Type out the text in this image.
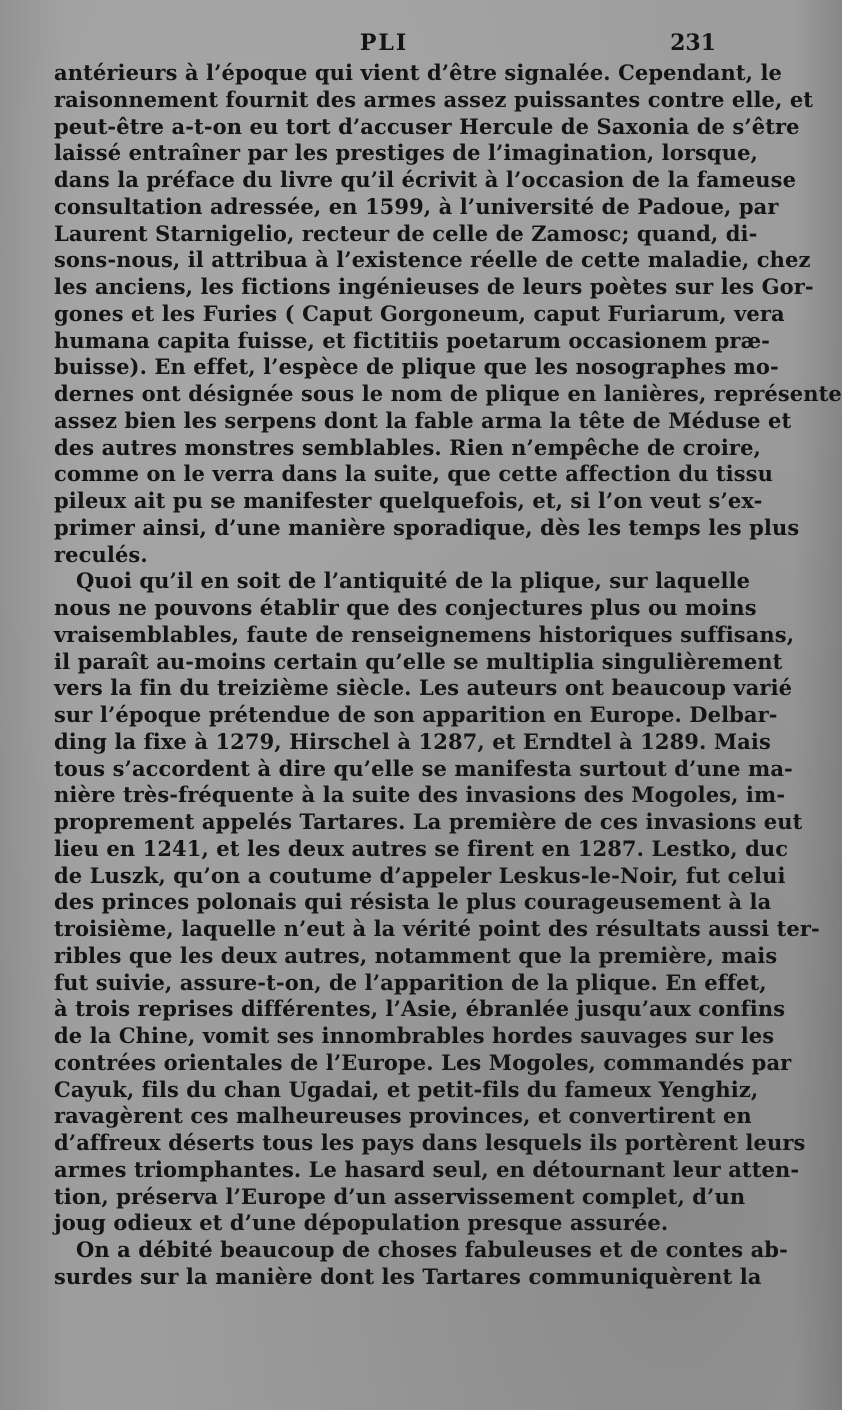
PLI	231
antérieurs à l’époque qui vient d’être signalée. Cependant, le
raisonnement fournit des armes assez puissantes contre elle, et
peut-être a-t-on eu tort d’accuser Hercule de Saxonia de s’être
laissé entraîner par les prestiges de l’imagination, lorsque,
dans la préface du livre qu’il écrivit à l’occasion de la fameuse
consultation adressée, en 1599, à l’université de Padoue, par
Laurent Starnigelio, recteur de celle de Zamosc; quand, di-
sons-nous, il attribua à l’existence réelle de cette maladie, chez
les anciens, les fictions ingénieuses de leurs poètes sur les Gor-
gones et les Furies ( Caput Gorgoneum, caput Furiarum, vera
humana capita fuisse, et fictitiis poetarum occasionem præ-
buisse). En effet, l’espèce de plique que les nosographes mo-
dernes ont désignée sous le nom de plique en lanières, représente
assez bien les serpens dont la fable arma la tête de Méduse et
des autres monstres semblables. Rien n’empêche de croire,
comme on le verra dans la suite, que cette affection du tissu
pileux ait pu se manifester quelquefois, et, si l’on veut s’ex-
primer ainsi, d’une manière sporadique, dès les temps les plus
reculés.
Quoi qu’il en soit de l’antiquité de la plique, sur laquelle
nous ne pouvons établir que des conjectures plus ou moins
vraisemblables, faute de renseignemens historiques suffisans,
il paraît au-moins certain qu’elle se multiplia singulièrement
vers la fin du treizième siècle. Les auteurs ont beaucoup varié
sur l’époque prétendue de son apparition en Europe. Delbar-
ding la fixe à 1279, Hirschel à 1287, et Erndtel à 1289. Mais
tous s’accordent à dire qu’elle se manifesta surtout d’une ma-
nière très-fréquente à la suite des invasions des Mogoles, im-
proprement appelés Tartares. La première de ces invasions eut
lieu en 1241, et les deux autres se firent en 1287. Lestko, duc
de Luszk, qu’on a coutume d’appeler Leskus-le-Noir, fut celui
des princes polonais qui résista le plus courageusement à la
troisième, laquelle n’eut à la vérité point des résultats aussi ter-
ribles que les deux autres, notamment que la première, mais
fut suivie, assure-t-on, de l’apparition de la plique. En effet,
à trois reprises différentes, l’Asie, ébranlée jusqu’aux confins
de la Chine, vomit ses innombrables hordes sauvages sur les
contrées orientales de l’Europe. Les Mogoles, commandés par
Cayuk, fils du chan Ugadai, et petit-fils du fameux Yenghiz,
ravagèrent ces malheureuses provinces, et convertirent en
d’affreux déserts tous les pays dans lesquels ils portèrent leurs
armes triomphantes. Le hasard seul, en détournant leur atten-
tion, préserva l’Europe d’un asservissement complet, d’un
joug odieux et d’une dépopulation presque assurée.
On a débité beaucoup de choses fabuleuses et de contes ab-
surdes sur la manière dont les Tartares communiquèrent la
